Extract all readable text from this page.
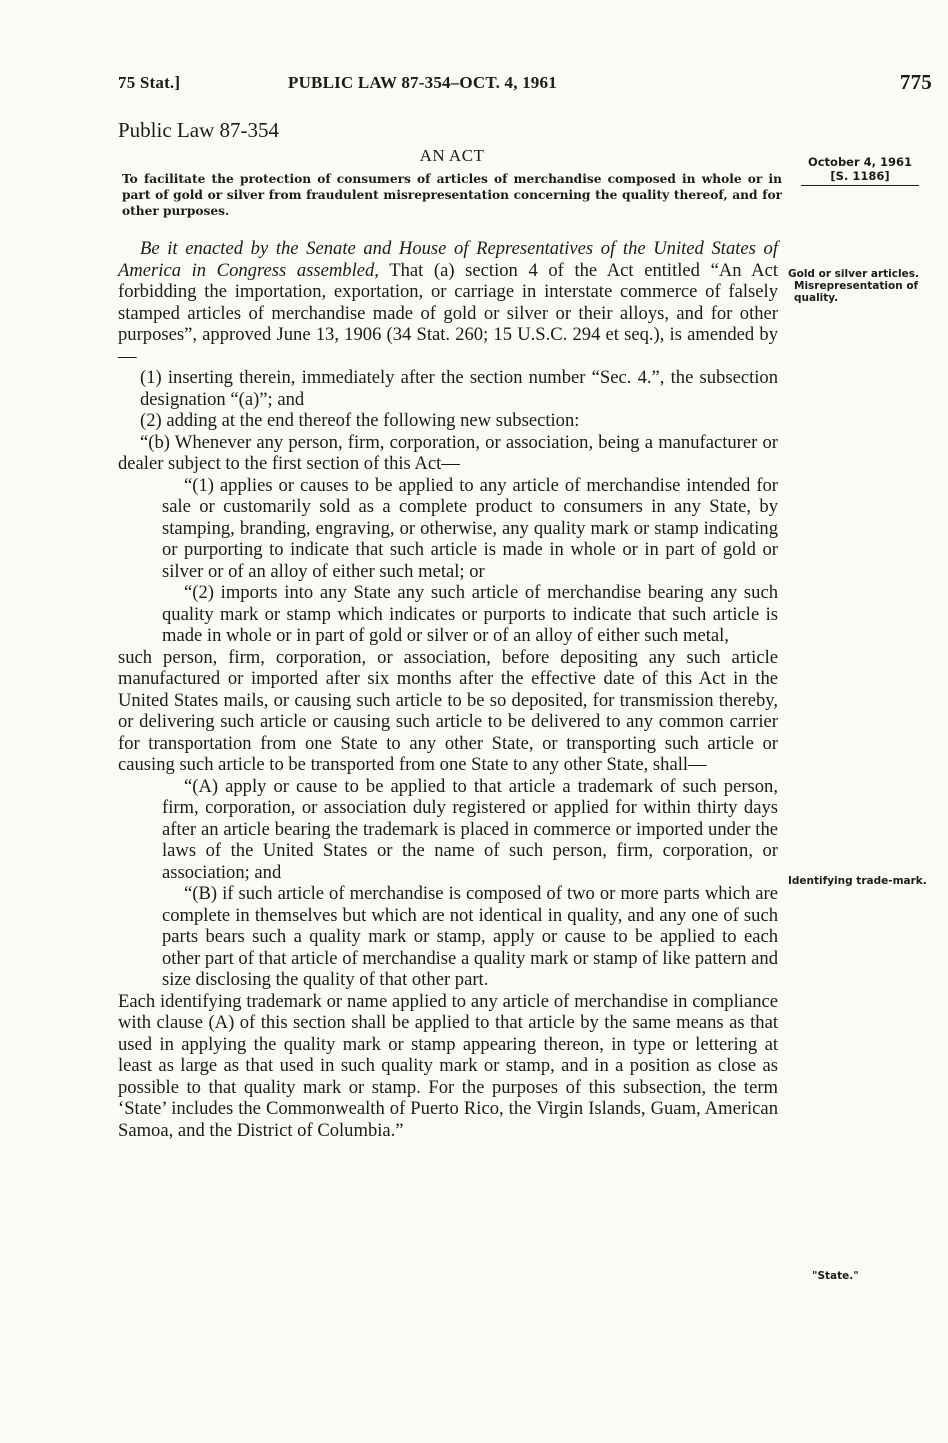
75 Stat.]	PUBLIC LAW 87-354–OCT. 4, 1961	775
Public Law 87-354
AN ACT
To facilitate the protection of consumers of articles of merchandise composed in whole or in part of gold or silver from fraudulent misrepresentation concerning the quality thereof, and for other purposes.
October 4, 1961
[S. 1186]
Gold or silver articles.
Misrepresentation of quality.
Identifying trade-mark.
"State."

Be it enacted by the Senate and House of Representatives of the United States of America in Congress assembled, That (a) section 4 of the Act entitled “An Act forbidding the importation, exportation, or carriage in interstate commerce of falsely stamped articles of merchandise made of gold or silver or their alloys, and for other purposes”, approved June 13, 1906 (34 Stat. 260; 15 U.S.C. 294 et seq.), is amended by—

(1) inserting therein, immediately after the section number “Sec. 4.”, the subsection designation “(a)”; and

(2) adding at the end thereof the following new subsection:

“(b) Whenever any person, firm, corporation, or association, being a manufacturer or dealer subject to the first section of this Act—

“(1) applies or causes to be applied to any article of merchandise intended for sale or customarily sold as a complete product to consumers in any State, by stamping, branding, engraving, or otherwise, any quality mark or stamp indicating or purporting to indicate that such article is made in whole or in part of gold or silver or of an alloy of either such metal; or

“(2) imports into any State any such article of merchandise bearing any such quality mark or stamp which indicates or purports to indicate that such article is made in whole or in part of gold or silver or of an alloy of either such metal,

such person, firm, corporation, or association, before depositing any such article manufactured or imported after six months after the effective date of this Act in the United States mails, or causing such article to be so deposited, for transmission thereby, or delivering such article or causing such article to be delivered to any common carrier for transportation from one State to any other State, or transporting such article or causing such article to be transported from one State to any other State, shall—

“(A) apply or cause to be applied to that article a trademark of such person, firm, corporation, or association duly registered or applied for within thirty days after an article bearing the trademark is placed in commerce or imported under the laws of the United States or the name of such person, firm, corporation, or association; and

“(B) if such article of merchandise is composed of two or more parts which are complete in themselves but which are not identical in quality, and any one of such parts bears such a quality mark or stamp, apply or cause to be applied to each other part of that article of merchandise a quality mark or stamp of like pattern and size disclosing the quality of that other part.

Each identifying trademark or name applied to any article of merchandise in compliance with clause (A) of this section shall be applied to that article by the same means as that used in applying the quality mark or stamp appearing thereon, in type or lettering at least as large as that used in such quality mark or stamp, and in a position as close as possible to that quality mark or stamp. For the purposes of this subsection, the term ‘State’ includes the Commonwealth of Puerto Rico, the Virgin Islands, Guam, American Samoa, and the District of Columbia.”
